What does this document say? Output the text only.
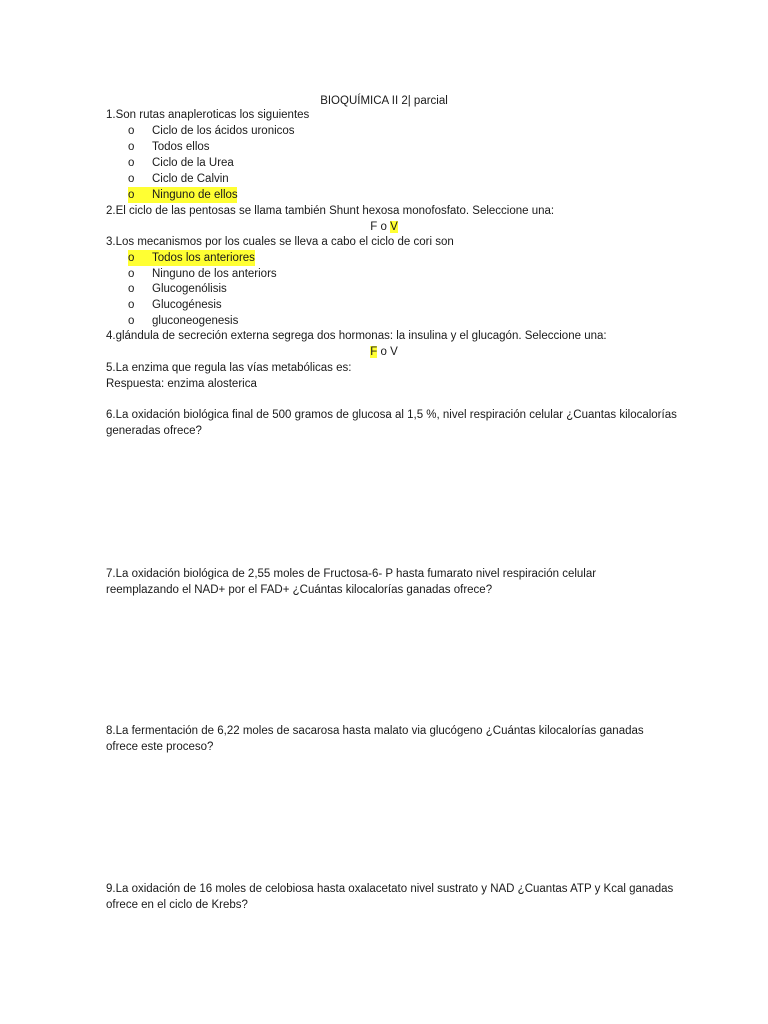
BIOQUÍMICA II 2| parcial
1.Son rutas anapleroticas los siguientes
o Ciclo de los ácidos uronicos
o Todos ellos
o Ciclo de la Urea
o Ciclo de Calvin
o Ninguno de ellos
2.El ciclo de las pentosas se llama también Shunt hexosa monofosfato. Seleccione una:
F o V
3.Los mecanismos por los cuales se lleva a cabo el ciclo de cori son
o Todos los anteriores
o Ninguno de los anteriors
o Glucogenólisis
o Glucogénesis
o gluconeogenesis
4.glándula de secreción externa segrega dos hormonas: la insulina y el glucagón. Seleccione una:
F o V
5.La enzima que regula las vías metabólicas es:
Respuesta: enzima alosterica
6.La oxidación biológica final de 500 gramos de glucosa al 1,5 %, nivel respiración celular ¿Cuantas kilocalorías
generadas ofrece?
7.La oxidación biológica de 2,55 moles de Fructosa-6- P hasta fumarato nivel respiración celular
reemplazando el NAD+ por el FAD+ ¿Cuántas kilocalorías ganadas ofrece?
8.La fermentación de 6,22 moles de sacarosa hasta malato via glucógeno ¿Cuántas kilocalorías ganadas
ofrece este proceso?
9.La oxidación de 16 moles de celobiosa hasta oxalacetato nivel sustrato y NAD ¿Cuantas ATP y Kcal ganadas
ofrece en el ciclo de Krebs?
